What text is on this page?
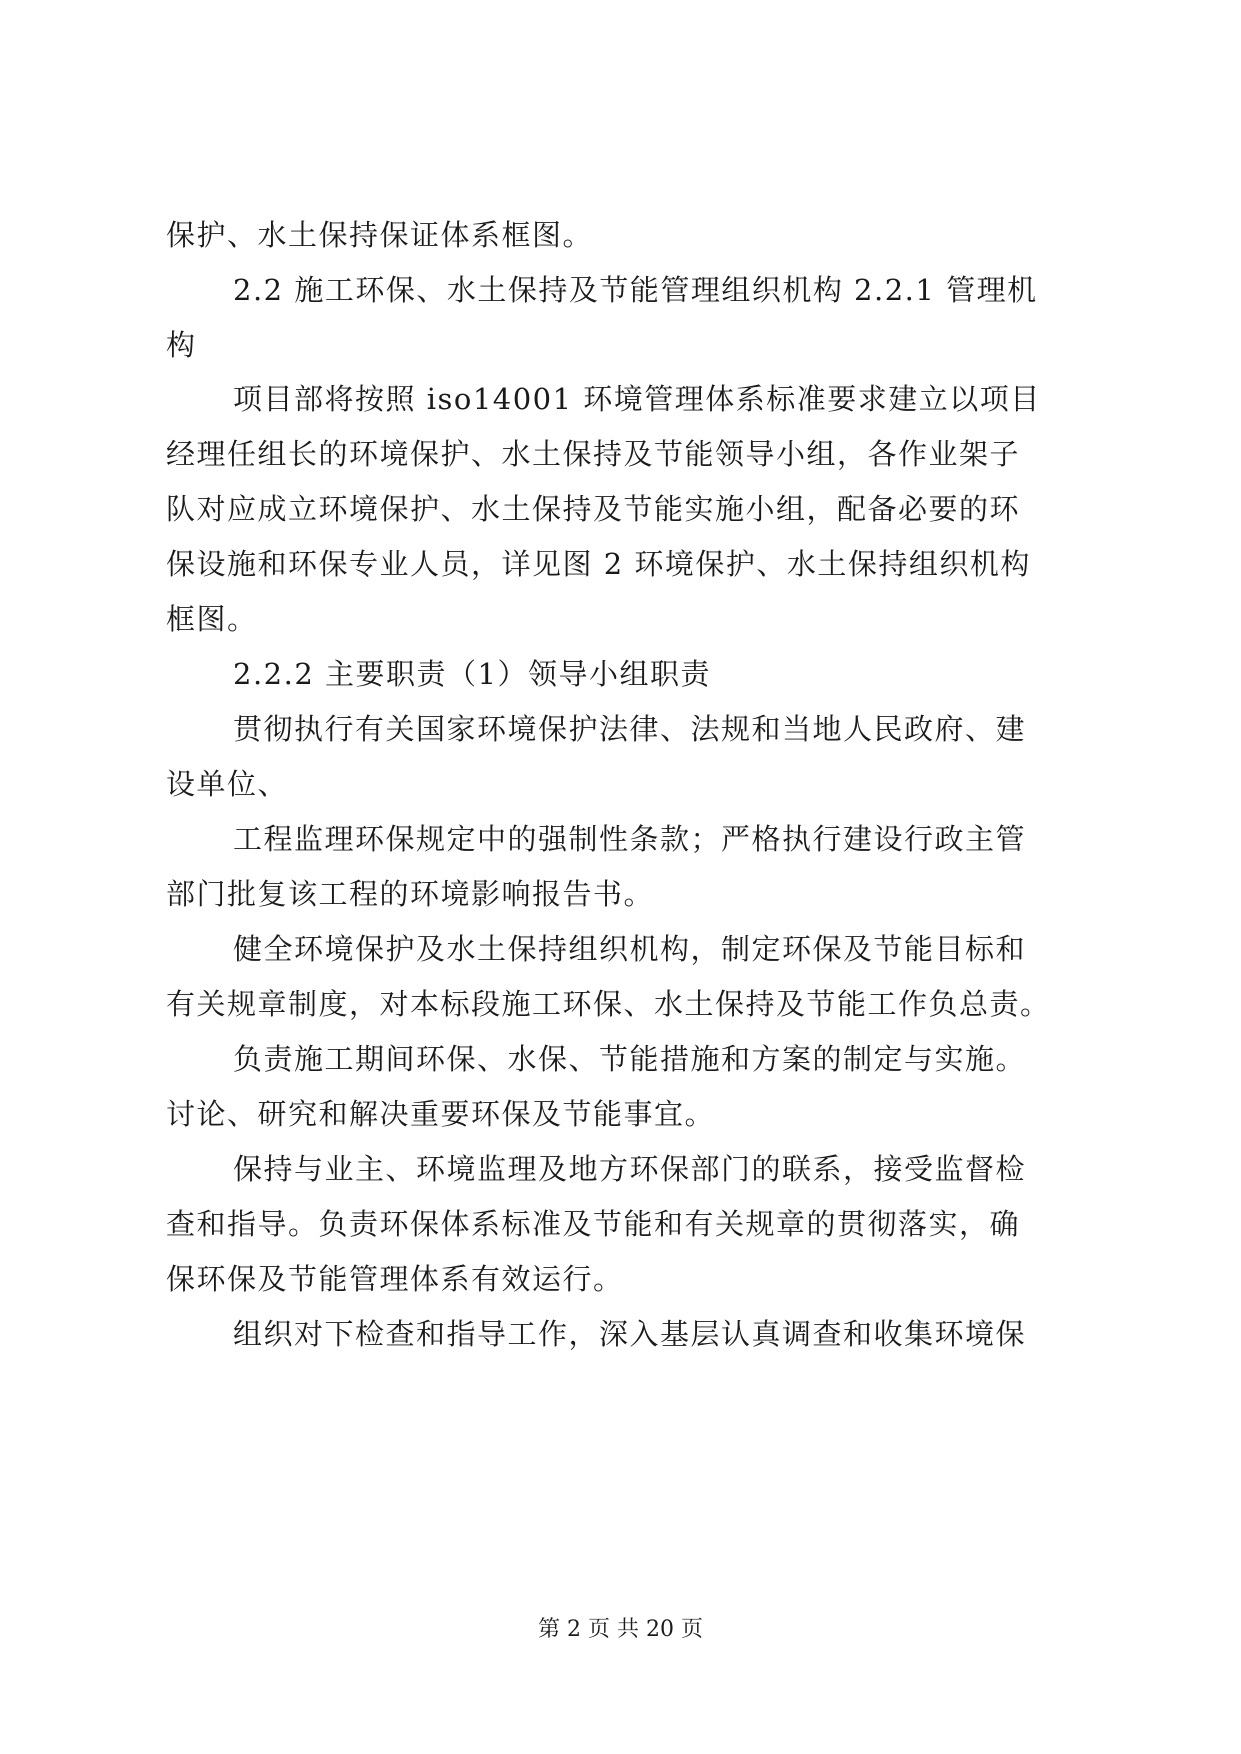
保护、水土保持保证体系框图。
2.2 施工环保、水土保持及节能管理组织机构 2.2.1 管理机
构
项目部将按照 iso14001 环境管理体系标准要求建立以项目
经理任组长的环境保护、水土保持及节能领导小组，各作业架子
队对应成立环境保护、水土保持及节能实施小组，配备必要的环
保设施和环保专业人员，详见图 2 环境保护、水土保持组织机构
框图。
2.2.2 主要职责（1）领导小组职责
贯彻执行有关国家环境保护法律、法规和当地人民政府、建
设单位、
工程监理环保规定中的强制性条款；严格执行建设行政主管
部门批复该工程的环境影响报告书。
健全环境保护及水土保持组织机构，制定环保及节能目标和
有关规章制度，对本标段施工环保、水土保持及节能工作负总责。
负责施工期间环保、水保、节能措施和方案的制定与实施。
讨论、研究和解决重要环保及节能事宜。
保持与业主、环境监理及地方环保部门的联系，接受监督检
查和指导。负责环保体系标准及节能和有关规章的贯彻落实，确
保环保及节能管理体系有效运行。
组织对下检查和指导工作，深入基层认真调查和收集环境保
第 2 页 共 20 页
